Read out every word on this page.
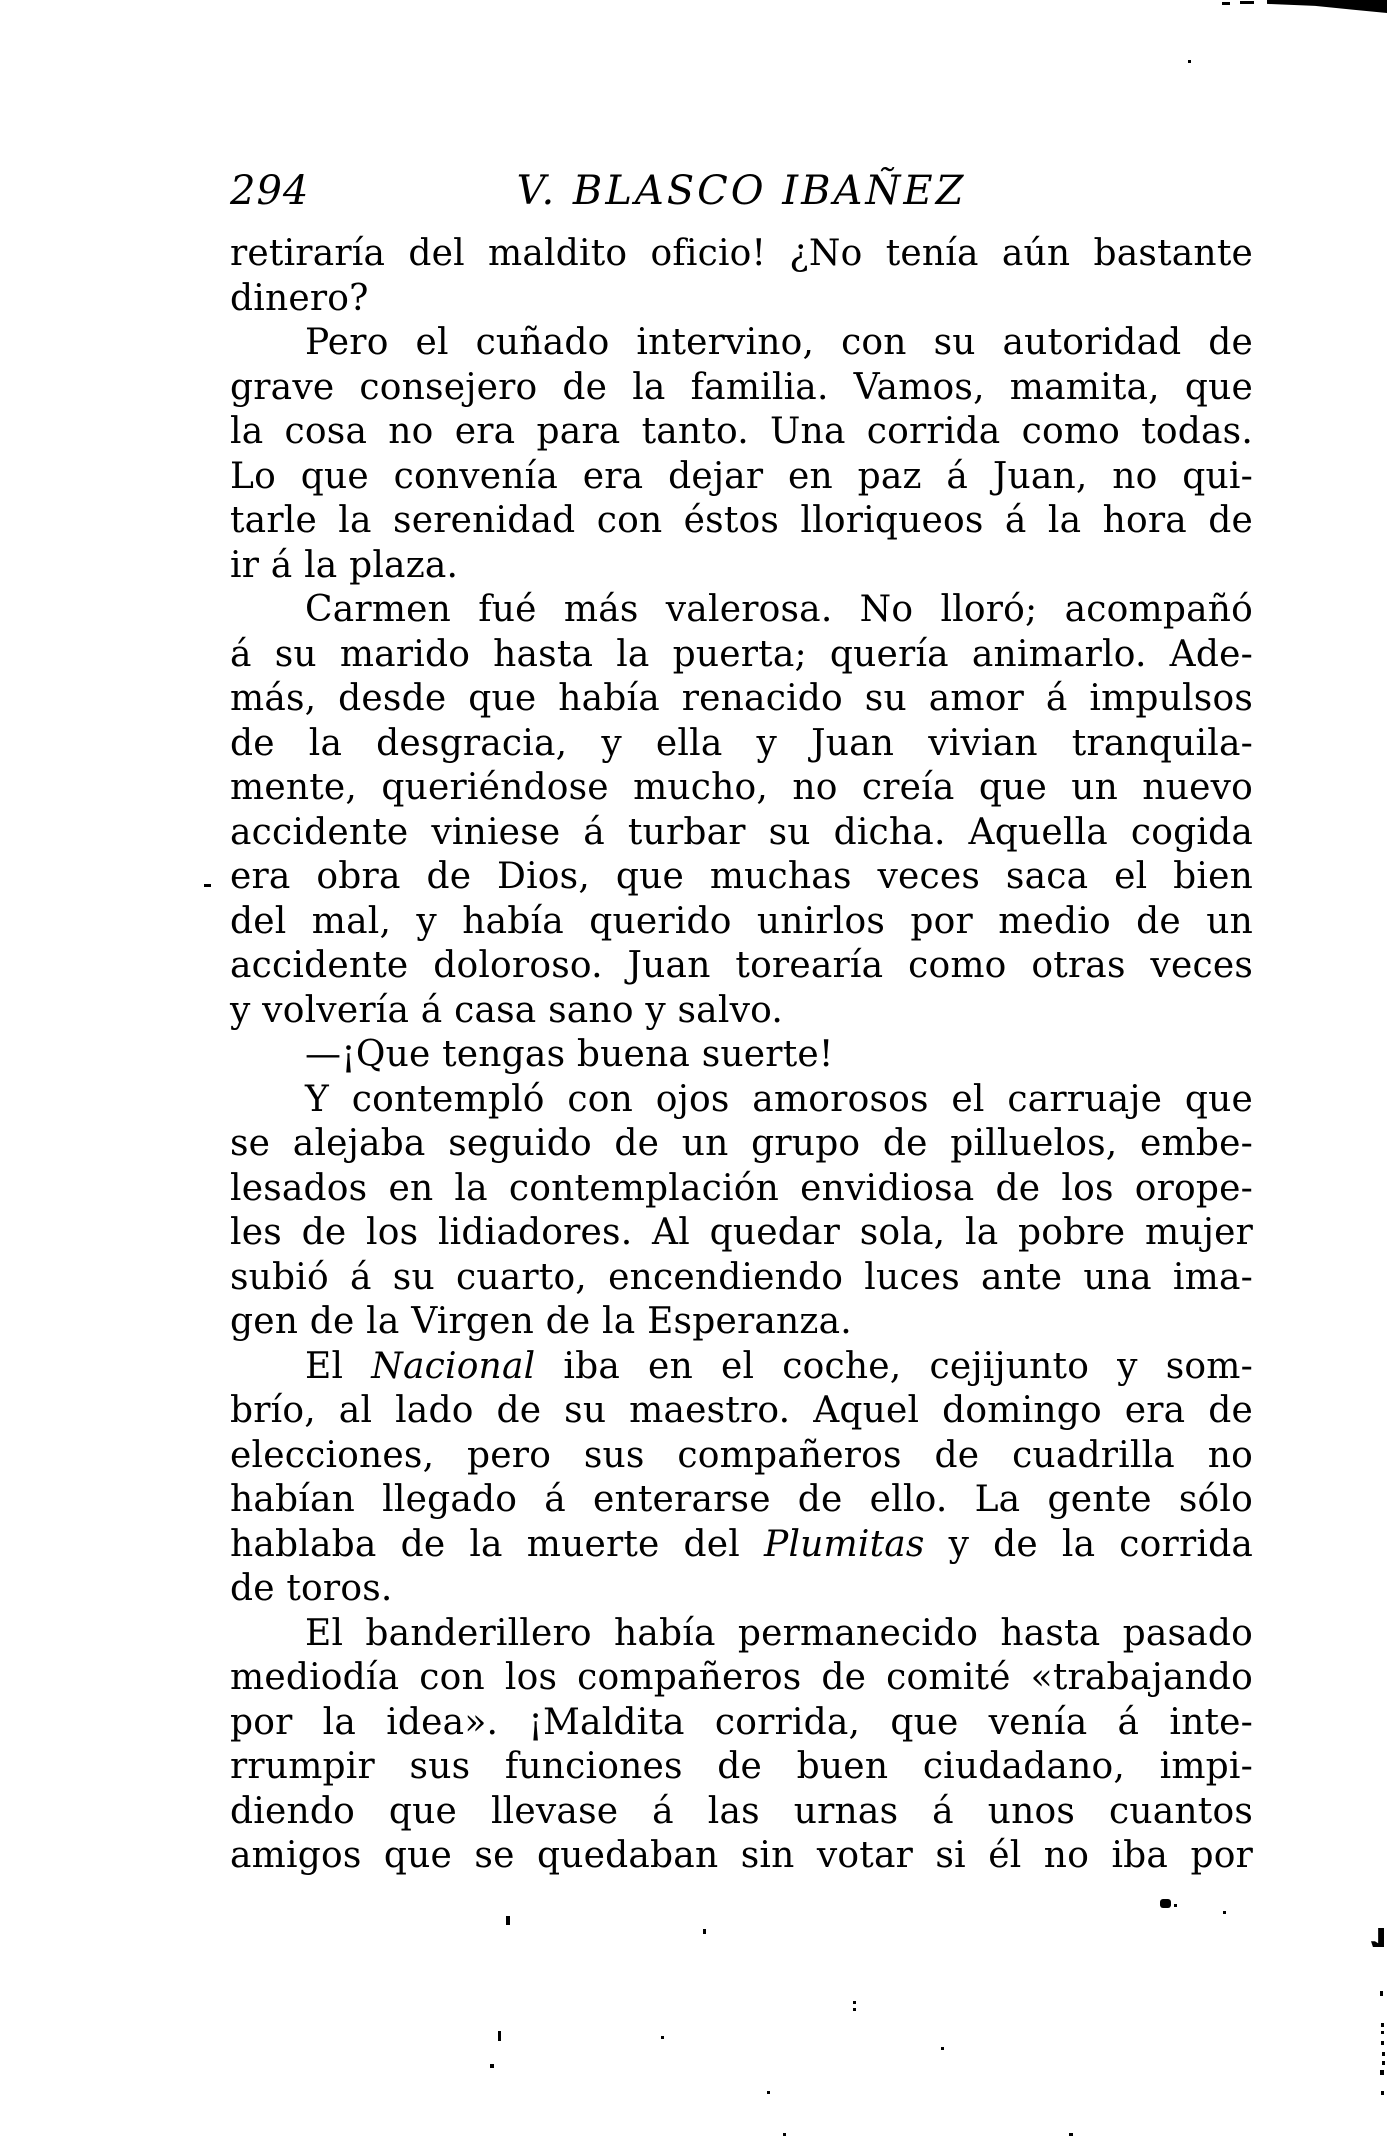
294	V. BLASCO IBAÑEZ
retiraría del maldito oficio! ¿No tenía aún bastante
dinero?
Pero el cuñado intervino, con su autoridad de
grave consejero de la familia. Vamos, mamita, que
la cosa no era para tanto. Una corrida como todas.
Lo que convenía era dejar en paz á Juan, no qui-
tarle la serenidad con éstos lloriqueos á la hora de
ir á la plaza.
Carmen fué más valerosa. No lloró; acompañó
á su marido hasta la puerta; quería animarlo. Ade-
más, desde que había renacido su amor á impulsos
de la desgracia, y ella y Juan vivian tranquila-
mente, queriéndose mucho, no creía que un nuevo
accidente viniese á turbar su dicha. Aquella cogida
era obra de Dios, que muchas veces saca el bien
del mal, y había querido unirlos por medio de un
accidente doloroso. Juan torearía como otras veces
y volvería á casa sano y salvo.
—¡Que tengas buena suerte!
Y contempló con ojos amorosos el carruaje que
se alejaba seguido de un grupo de pilluelos, embe-
lesados en la contemplación envidiosa de los orope-
les de los lidiadores. Al quedar sola, la pobre mujer
subió á su cuarto, encendiendo luces ante una ima-
gen de la Virgen de la Esperanza.
El Nacional iba en el coche, cejijunto y som-
brío, al lado de su maestro. Aquel domingo era de
elecciones, pero sus compañeros de cuadrilla no
habían llegado á enterarse de ello. La gente sólo
hablaba de la muerte del Plumitas y de la corrida
de toros.
El banderillero había permanecido hasta pasado
mediodía con los compañeros de comité «trabajando
por la idea». ¡Maldita corrida, que venía á inte-
rrumpir sus funciones de buen ciudadano, impi-
diendo que llevase á las urnas á unos cuantos
amigos que se quedaban sin votar si él no iba por
